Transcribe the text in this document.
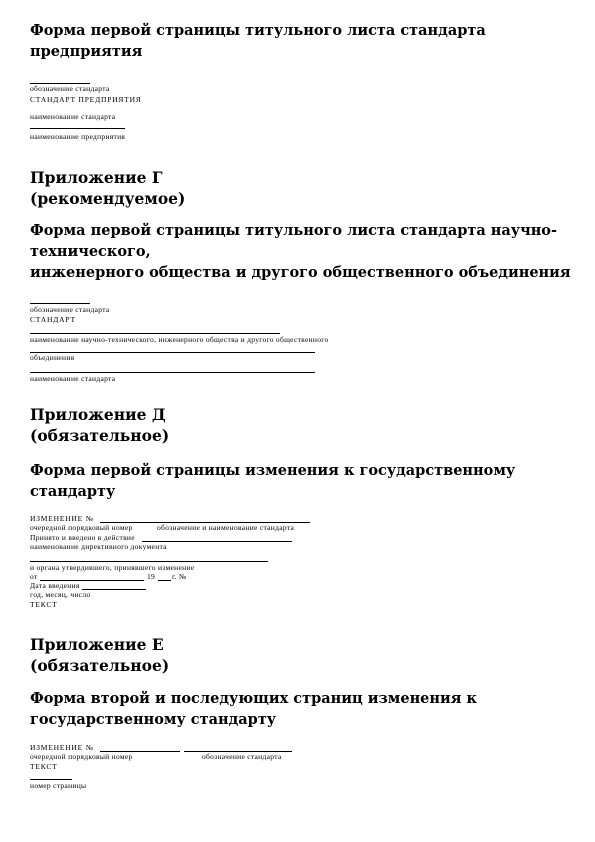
Форма первой страницы титульного листа стандарта
предприятия
обозначение стандарта
СТАНДАРТ ПРЕДПРИЯТИЯ
наименование стандарта
наименование предприятия
Приложение Г
(рекомендуемое)
Форма первой страницы титульного листа стандарта научно-
технического,
инженерного общества и другого общественного объединения
обозначение стандарта
СТАНДАРТ
наименование научно-технического, инженерного общества и другого общественного
объединения
наименование стандарта
Приложение Д
(обязательное)
Форма первой страницы изменения к государственному
стандарту
ИЗМЕНЕНИЕ №
очередной порядковый номер	обозначение и наименование стандарта
Принято и введено в действие
наименование директивного документа
и органа утвердившего, принявшего изменение
от	19 г. №
Дата введения
год, месяц, число
ТЕКСТ
Приложение Е
(обязательное)
Форма второй и последующих страниц изменения к
государственному стандарту
ИЗМЕНЕНИЕ №
очередной порядковый номер	обозначение стандарта
ТЕКСТ
номер страницы
